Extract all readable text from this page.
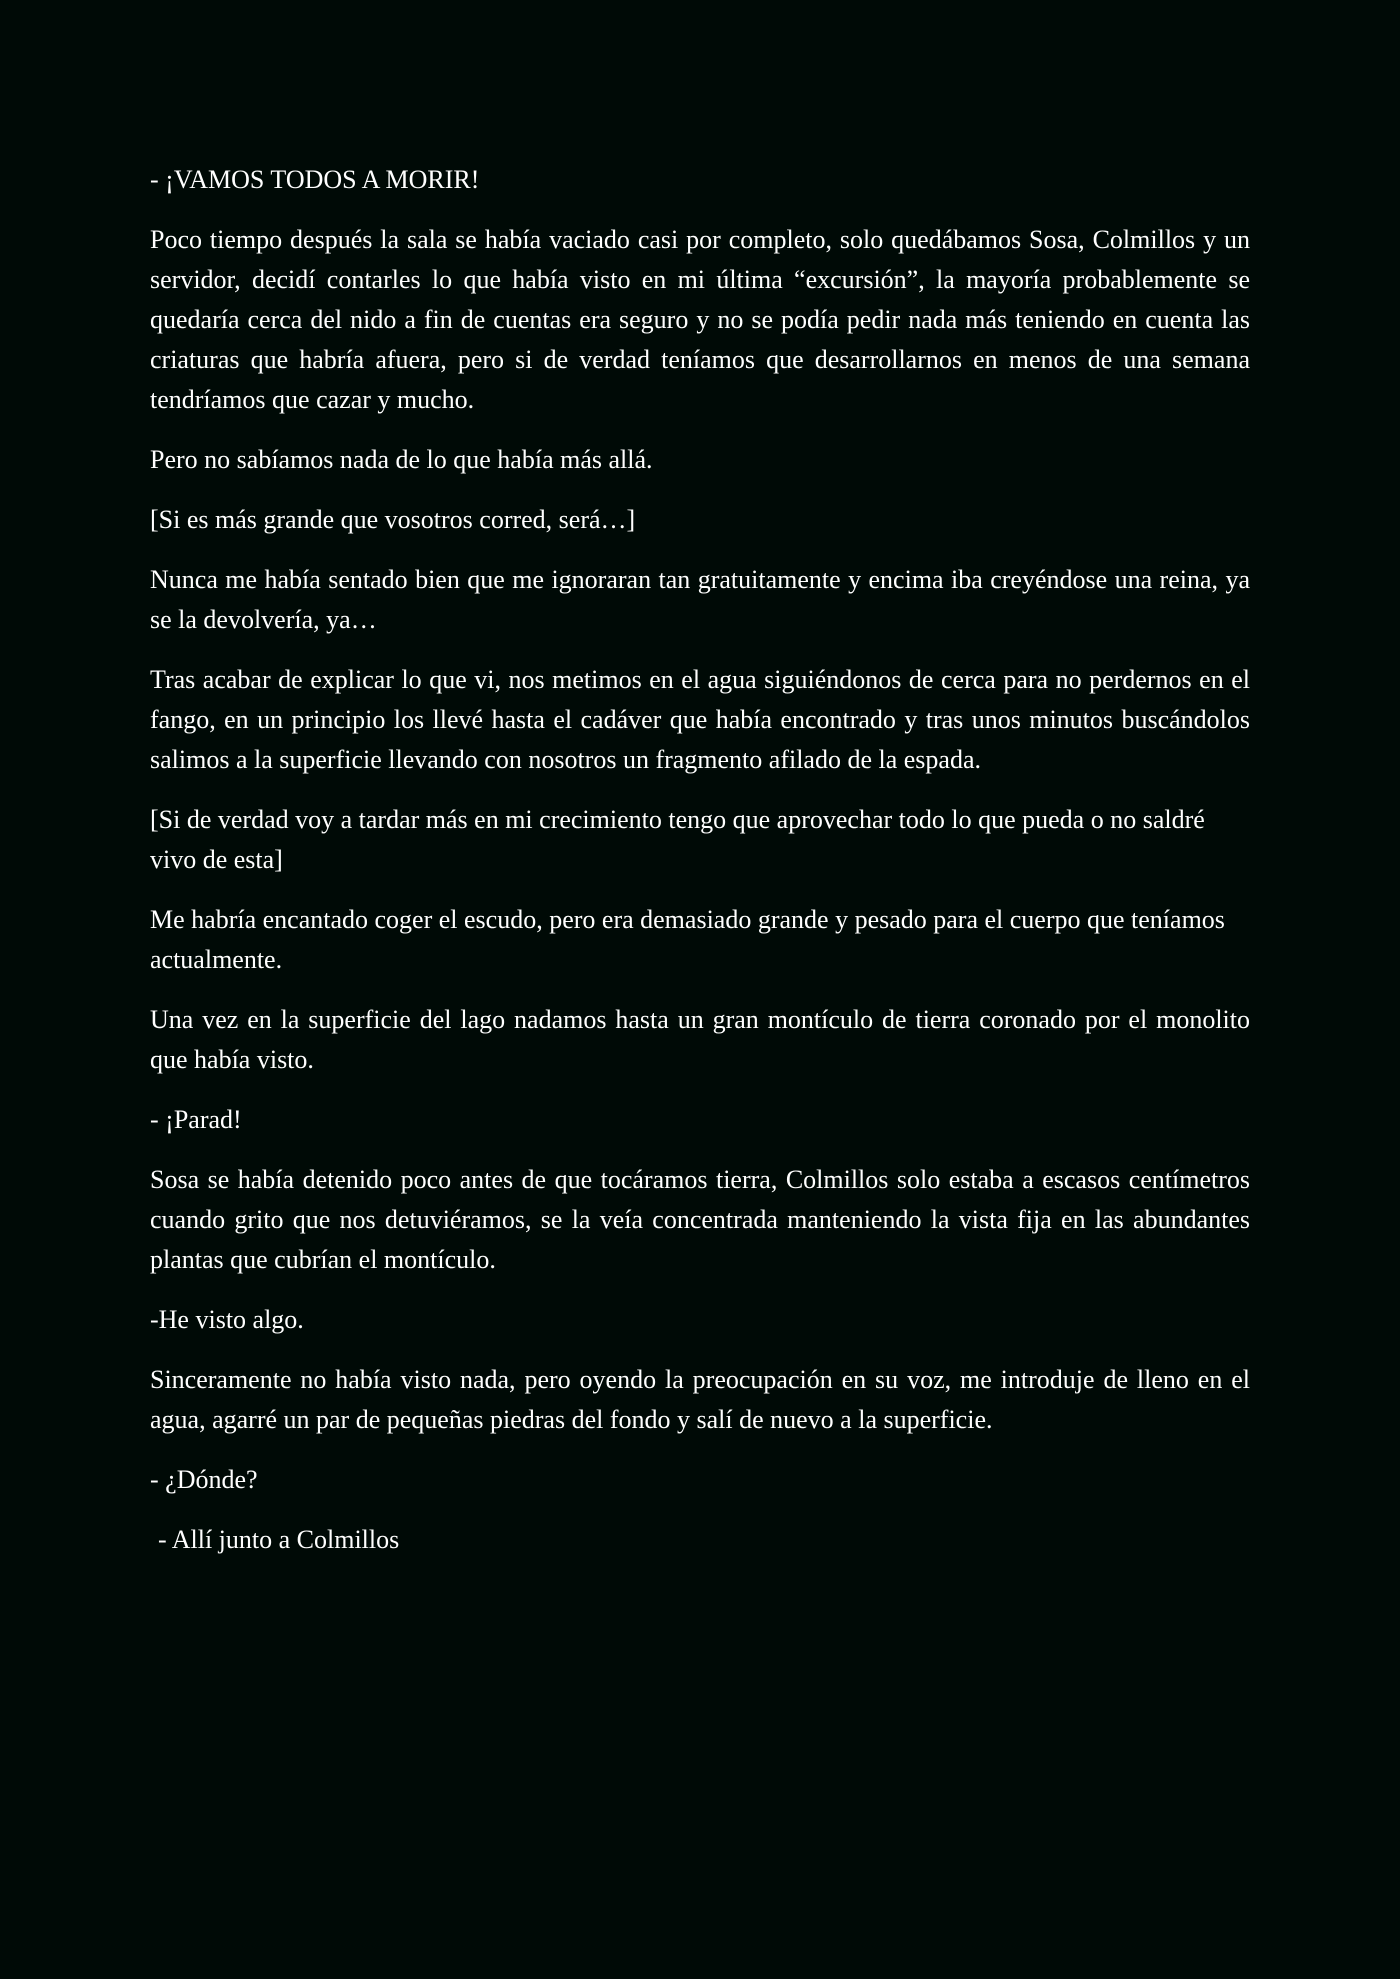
- ¡VAMOS TODOS A MORIR!

Poco tiempo después la sala se había vaciado casi por completo, solo quedábamos Sosa, Colmillos y un servidor, decidí contarles lo que había visto en mi última “excursión”, la mayoría probablemente se quedaría cerca del nido a fin de cuentas era seguro y no se podía pedir nada más teniendo en cuenta las criaturas que habría afuera, pero si de verdad teníamos que desarrollarnos en menos de una semana tendríamos que cazar y mucho.

Pero no sabíamos nada de lo que había más allá.

[Si es más grande que vosotros corred, será…]

Nunca me había sentado bien que me ignoraran tan gratuitamente y encima iba creyéndose una reina, ya se la devolvería, ya…

Tras acabar de explicar lo que vi, nos metimos en el agua siguiéndonos de cerca para no perdernos en el fango, en un principio los llevé hasta el cadáver que había encontrado y tras unos minutos buscándolos salimos a la superficie llevando con nosotros un fragmento afilado de la espada.

[Si de verdad voy a tardar más en mi crecimiento tengo que aprovechar todo lo que pueda o no saldré vivo de esta]

Me habría encantado coger el escudo, pero era demasiado grande y pesado para el cuerpo que teníamos actualmente.

Una vez en la superficie del lago nadamos hasta un gran montículo de tierra coronado por el monolito que había visto.

- ¡Parad!

Sosa se había detenido poco antes de que tocáramos tierra, Colmillos solo estaba a escasos centímetros cuando grito que nos detuviéramos, se la veía concentrada manteniendo la vista fija en las abundantes plantas que cubrían el montículo.

-He visto algo.

Sinceramente no había visto nada, pero oyendo la preocupación en su voz, me introduje de lleno en el agua, agarré un par de pequeñas piedras del fondo y salí de nuevo a la superficie.

- ¿Dónde?

- Allí junto a Colmillos
